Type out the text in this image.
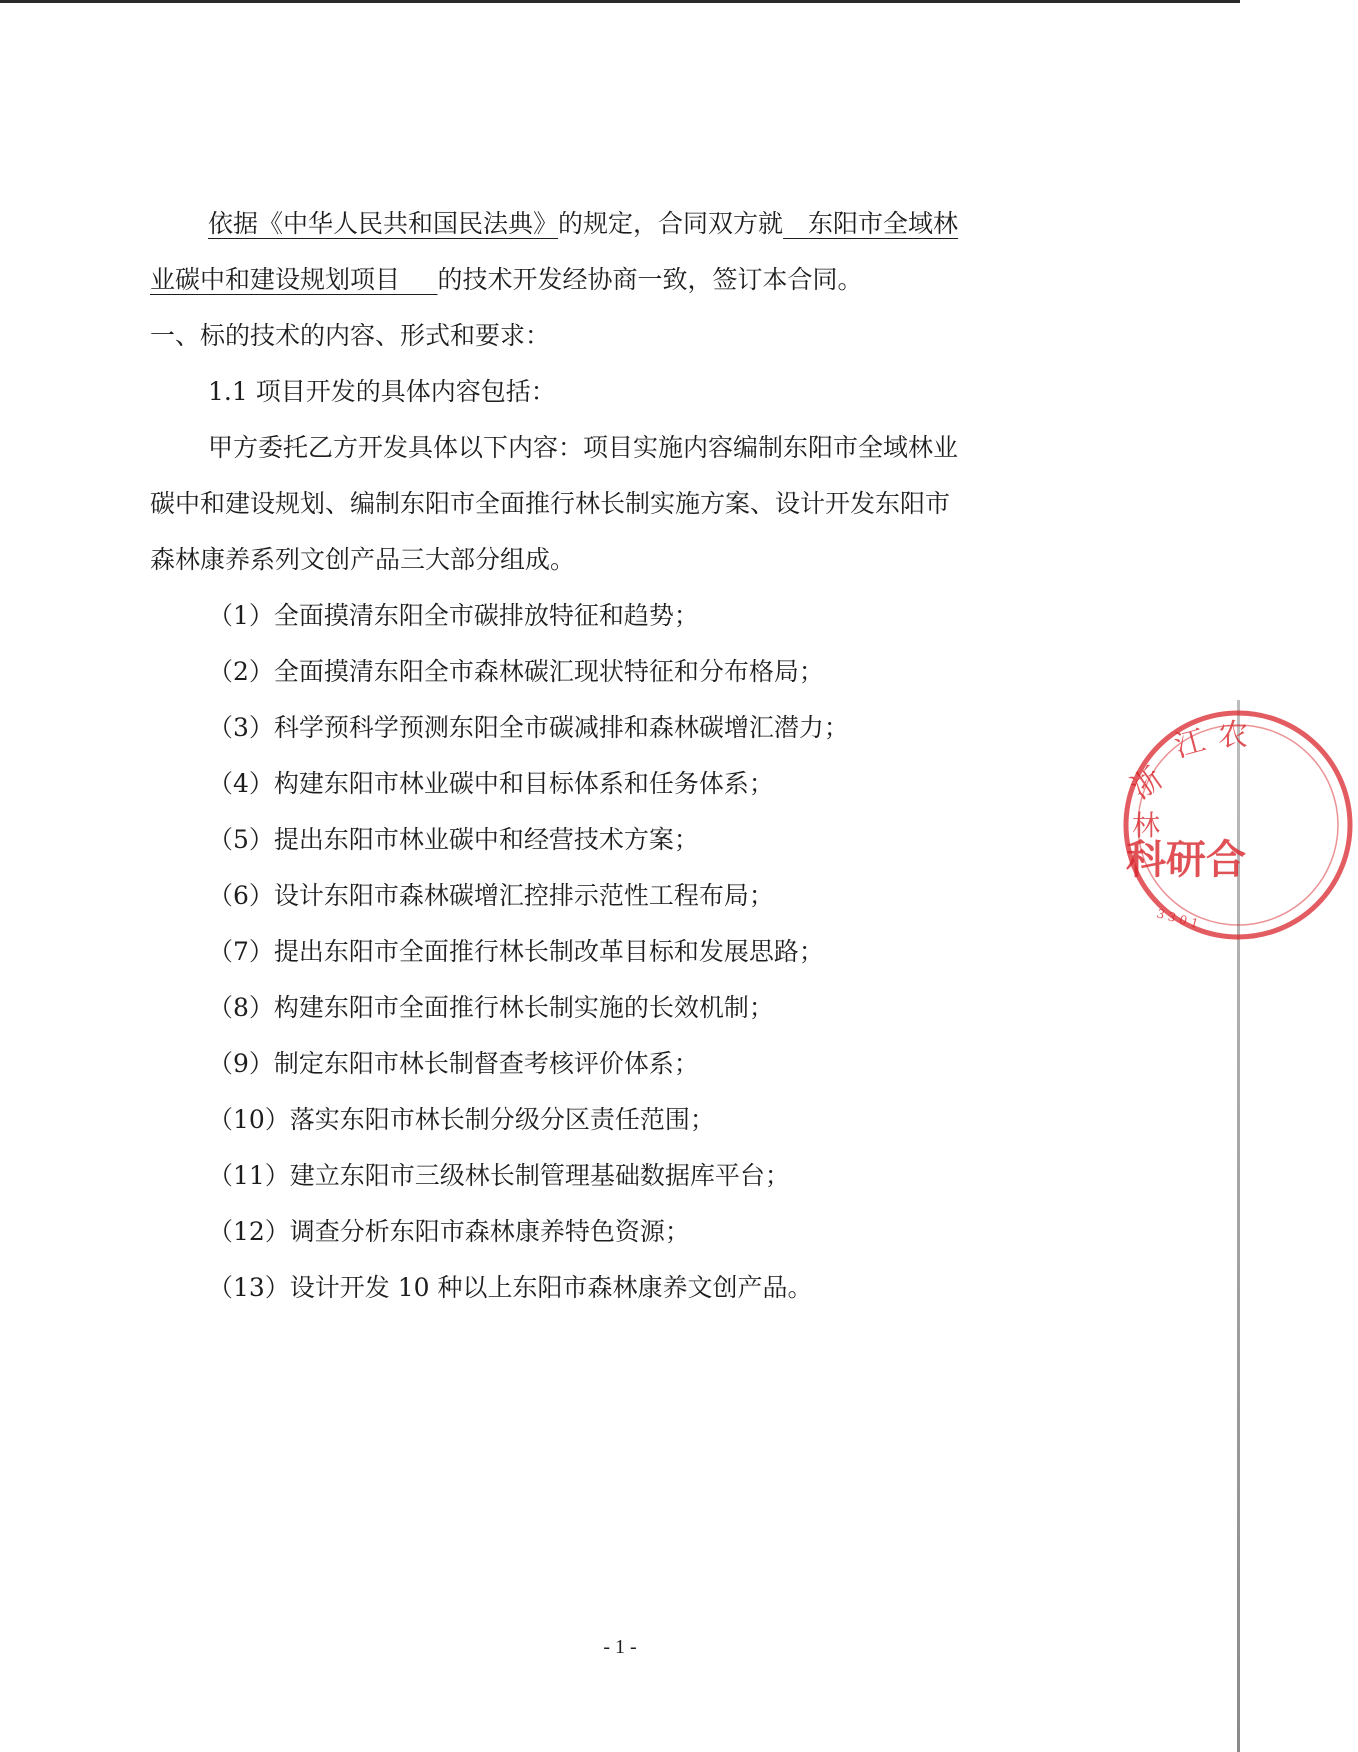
依据《中华人民共和国民法典》的规定，合同双方就   东阳市全域林

业碳中和建设规划项目    的技术开发经协商一致，签订本合同。

一、标的技术的内容、形式和要求：

1.1 项目开发的具体内容包括：

甲方委托乙方开发具体以下内容：项目实施内容编制东阳市全域林业

碳中和建设规划、编制东阳市全面推行林长制实施方案、设计开发东阳市

森林康养系列文创产品三大部分组成。

（1）全面摸清东阳全市碳排放特征和趋势；

（2）全面摸清东阳全市森林碳汇现状特征和分布格局；

（3）科学预科学预测东阳全市碳减排和森林碳增汇潜力；

（4）构建东阳市林业碳中和目标体系和任务体系；

（5）提出东阳市林业碳中和经营技术方案；

（6）设计东阳市森林碳增汇控排示范性工程布局；

（7）提出东阳市全面推行林长制改革目标和发展思路；

（8）构建东阳市全面推行林长制实施的长效机制；

（9）制定东阳市林长制督查考核评价体系；

（10）落实东阳市林长制分级分区责任范围；

（11）建立东阳市三级林长制管理基础数据库平台；

（12）调查分析东阳市森林康养特色资源；

（13）设计开发 10 种以上东阳市森林康养文创产品。

浙
江 农
林
科研合
3301
- 1 -
